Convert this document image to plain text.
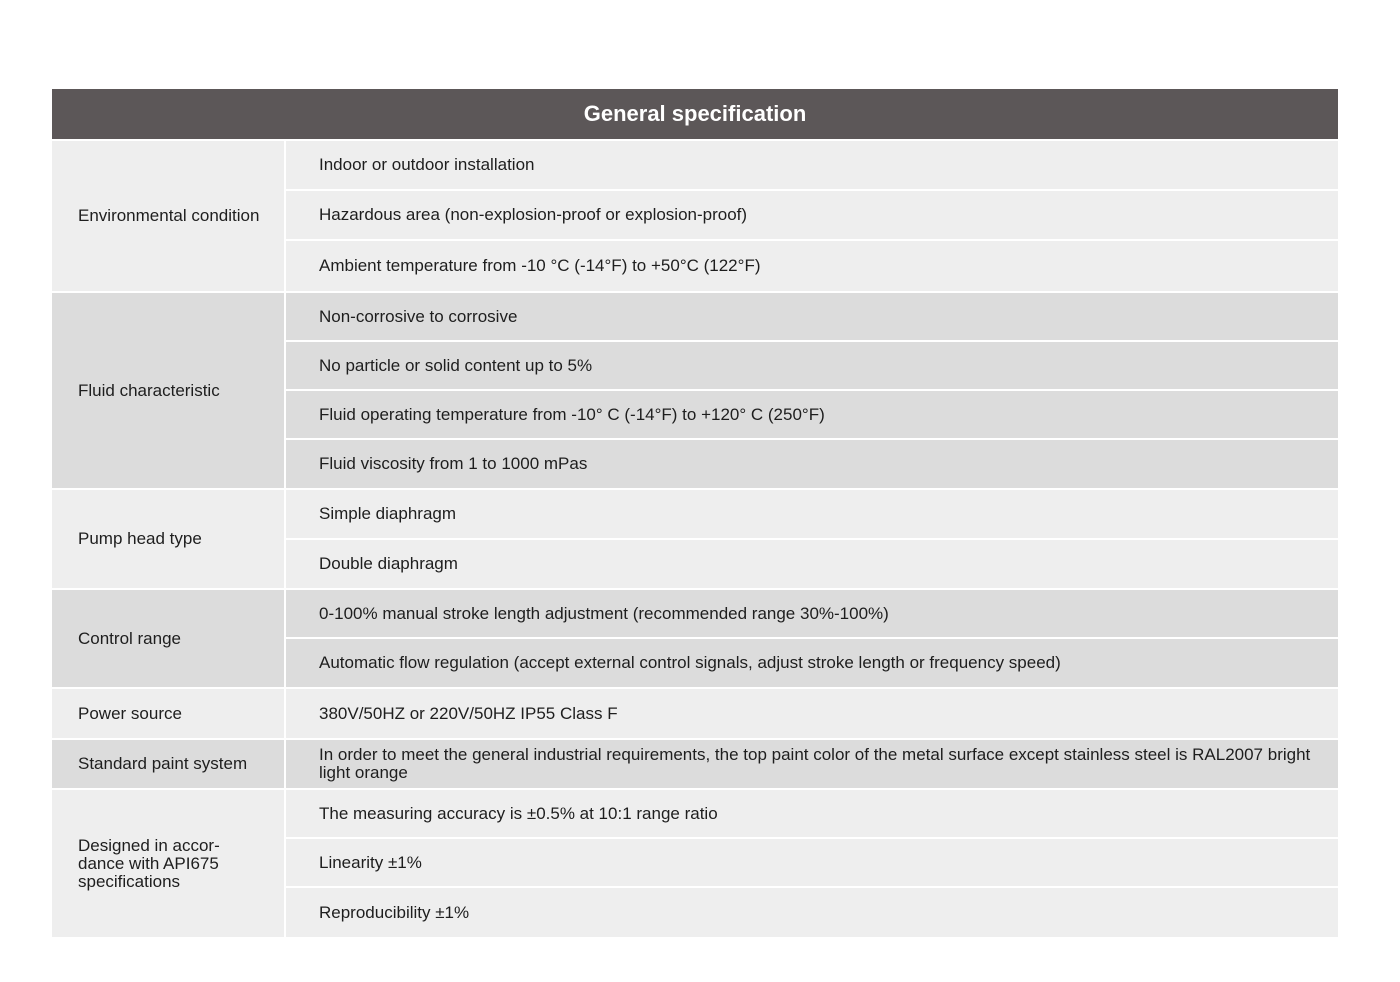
General specification
Environmental condition
Indoor or outdoor installation
Hazardous area (non-explosion-proof or explosion-proof)
Ambient temperature from -10 °C (-14°F) to +50°C (122°F)
Fluid characteristic
Non-corrosive to corrosive
No particle or solid content up to 5%
Fluid operating temperature from -10° C (-14°F) to +120° C (250°F)
Fluid viscosity from 1 to 1000 mPas
Pump head type
Simple diaphragm
Double diaphragm
Control range
0-100% manual stroke length adjustment (recommended range 30%-100%)
Automatic flow regulation (accept external control signals, adjust stroke length or frequency speed)
Power source	380V/50HZ or 220V/50HZ IP55 Class F
Standard paint system	In order to meet the general industrial requirements, the top paint color of the metal surface except stainless steel is RAL2007 bright light orange
Designed in accor-
dance with API675
specifications
The measuring accuracy is ±0.5% at 10:1 range ratio
Linearity ±1%
Reproducibility ±1%
